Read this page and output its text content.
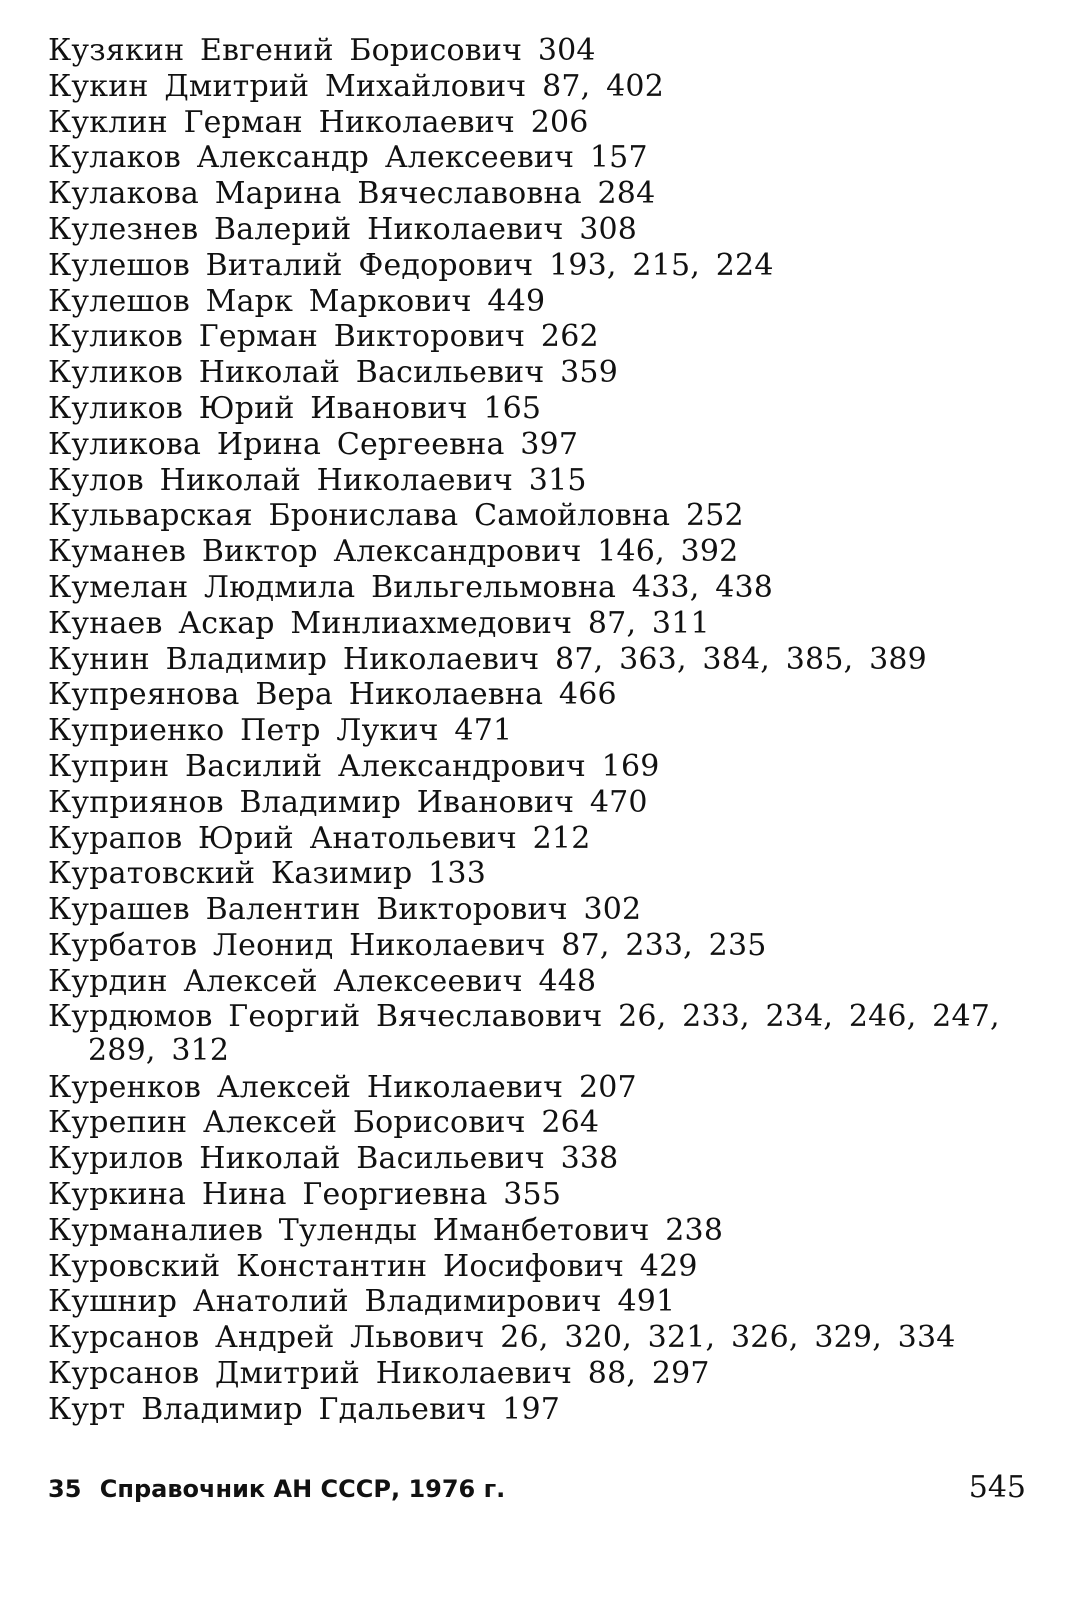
Кузякин Евгений Борисович 304
Кукин Дмитрий Михайлович 87, 402
Куклин Герман Николаевич 206
Кулаков Александр Алексеевич 157
Кулакова Марина Вячеславовна 284
Кулезнев Валерий Николаевич 308
Кулешов Виталий Федорович 193, 215, 224
Кулешов Марк Маркович 449
Куликов Герман Викторович 262
Куликов Николай Васильевич 359
Куликов Юрий Иванович 165
Куликова Ирина Сергеевна 397
Кулов Николай Николаевич 315
Кульварская Бронислава Самойловна 252
Куманев Виктор Александрович 146, 392
Кумелан Людмила Вильгельмовна 433, 438
Кунаев Аскар Минлиахмедович 87, 311
Кунин Владимир Николаевич 87, 363, 384, 385, 389
Купреянова Вера Николаевна 466
Куприенко Петр Лукич 471
Куприн Василий Александрович 169
Куприянов Владимир Иванович 470
Курапов Юрий Анатольевич 212
Куратовский Казимир 133
Курашев Валентин Викторович 302
Курбатов Леонид Николаевич 87, 233, 235
Курдин Алексей Алексеевич 448
Курдюмов Георгий Вячеславович 26, 233, 234, 246, 247, 289, 312
Куренков Алексей Николаевич 207
Курепин Алексей Борисович 264
Курилов Николай Васильевич 338
Куркина Нина Георгиевна 355
Курманалиев Туленды Иманбетович 238
Куровский Константин Иосифович 429
Кушнир Анатолий Владимирович 491
Курсанов Андрей Львович 26, 320, 321, 326, 329, 334
Курсанов Дмитрий Николаевич 88, 297
Курт Владимир Гдальевич 197
35 Справочник АН СССР, 1976 г.	545
